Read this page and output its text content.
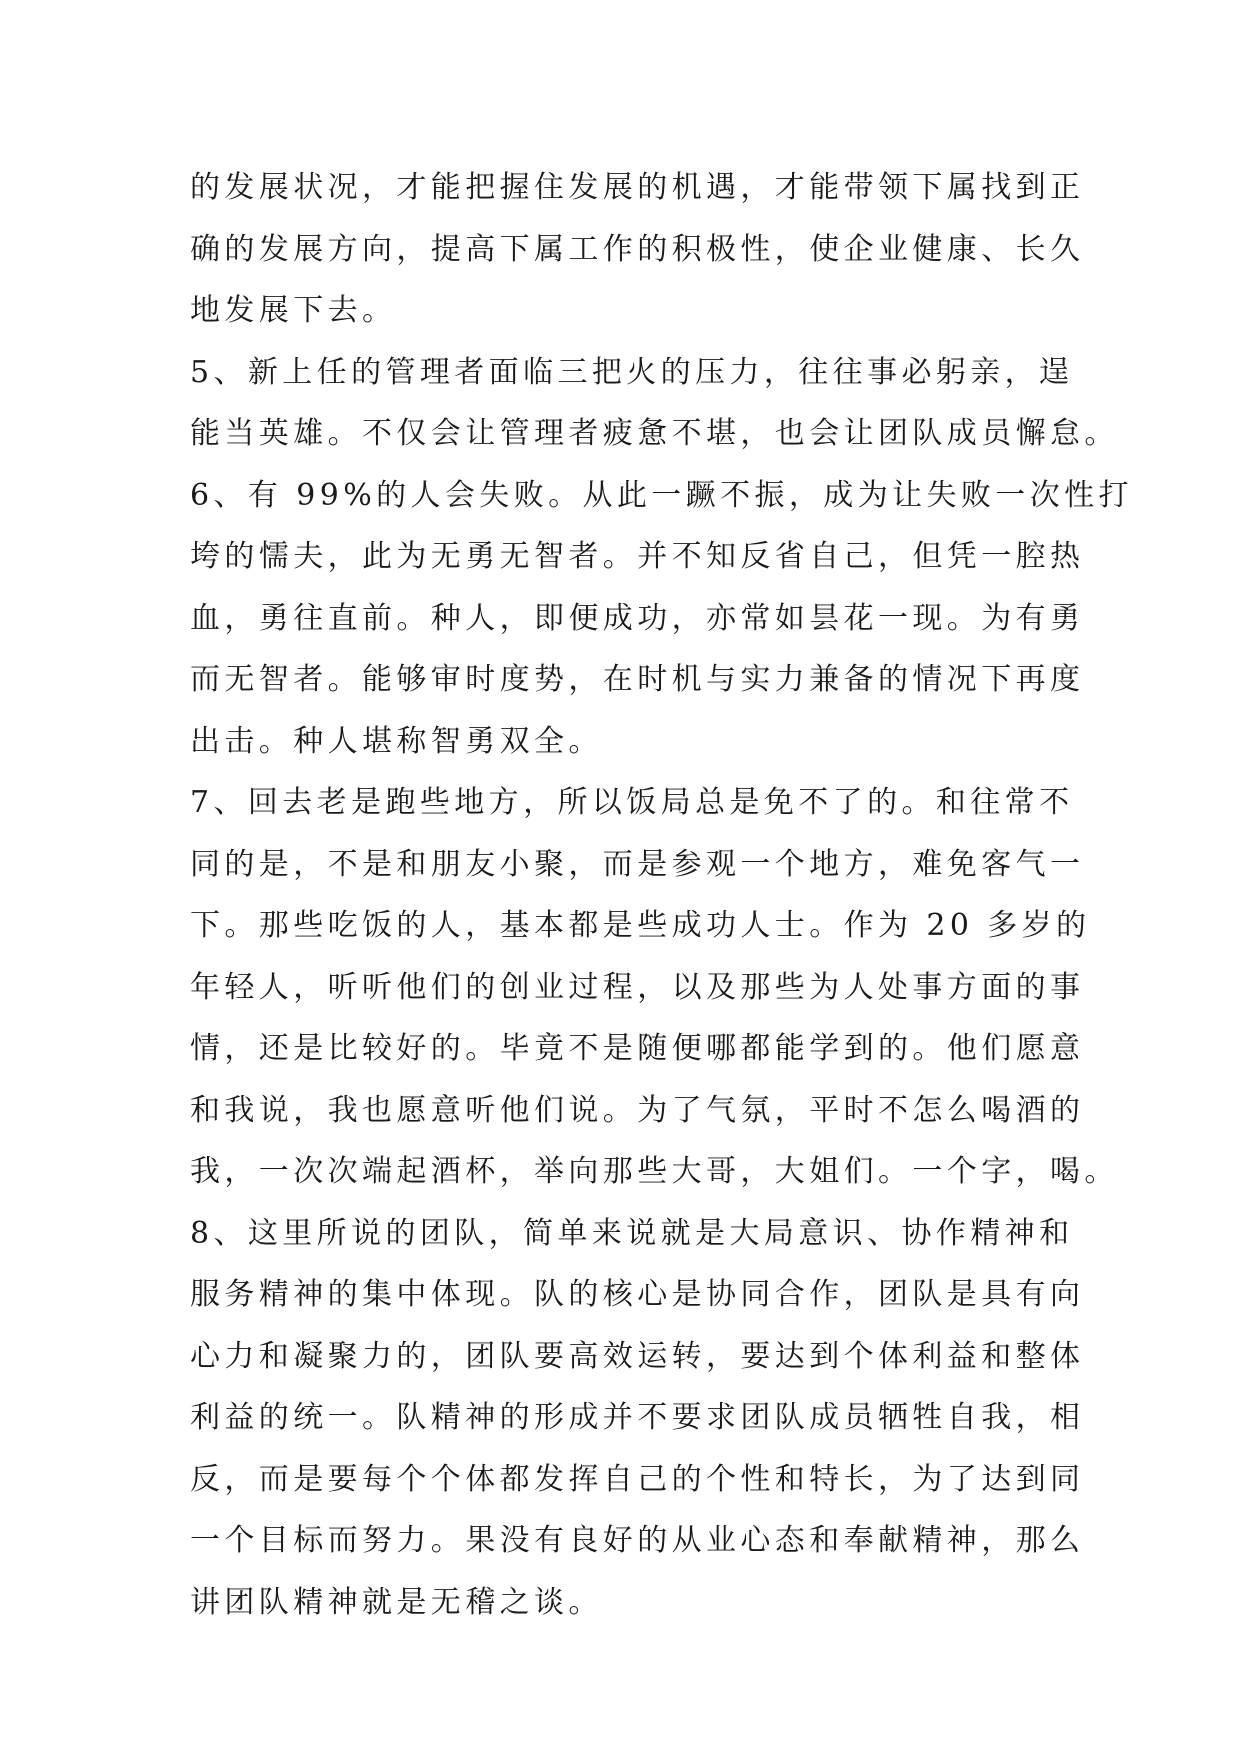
的发展状况，才能把握住发展的机遇，才能带领下属找到正
确的发展方向，提高下属工作的积极性，使企业健康、长久
地发展下去。
5、新上任的管理者面临三把火的压力，往往事必躬亲，逞
能当英雄。不仅会让管理者疲惫不堪，也会让团队成员懈怠。
6、有 99%的人会失败。从此一蹶不振，成为让失败一次性打
垮的懦夫，此为无勇无智者。并不知反省自己，但凭一腔热
血，勇往直前。种人，即便成功，亦常如昙花一现。为有勇
而无智者。能够审时度势，在时机与实力兼备的情况下再度
出击。种人堪称智勇双全。
7、回去老是跑些地方，所以饭局总是免不了的。和往常不
同的是，不是和朋友小聚，而是参观一个地方，难免客气一
下。那些吃饭的人，基本都是些成功人士。作为 20 多岁的
年轻人，听听他们的创业过程，以及那些为人处事方面的事
情，还是比较好的。毕竟不是随便哪都能学到的。他们愿意
和我说，我也愿意听他们说。为了气氛，平时不怎么喝酒的
我，一次次端起酒杯，举向那些大哥，大姐们。一个字，喝。
8、这里所说的团队，简单来说就是大局意识、协作精神和
服务精神的集中体现。队的核心是协同合作，团队是具有向
心力和凝聚力的，团队要高效运转，要达到个体利益和整体
利益的统一。队精神的形成并不要求团队成员牺牲自我，相
反，而是要每个个体都发挥自己的个性和特长，为了达到同
一个目标而努力。果没有良好的从业心态和奉献精神，那么
讲团队精神就是无稽之谈。
